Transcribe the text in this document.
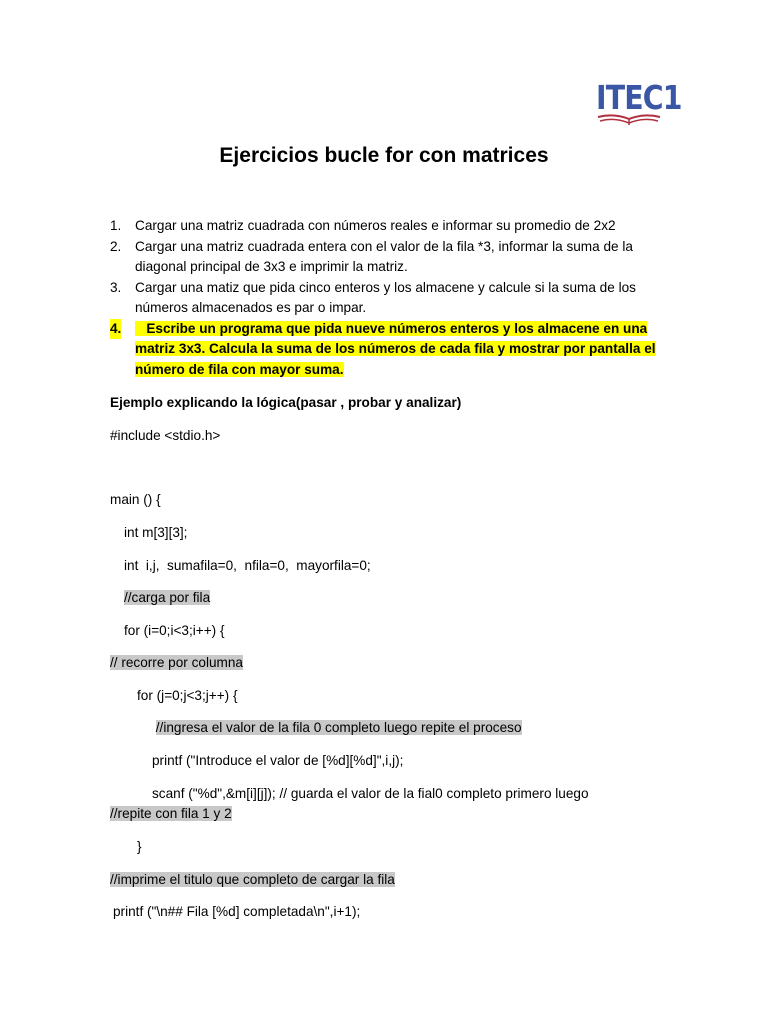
ITEC1
Ejercicios bucle for con matrices
1. Cargar una matriz cuadrada con números reales e informar su promedio de 2x2
2. Cargar una matriz cuadrada entera con el valor de la fila *3, informar la suma de la diagonal principal de 3x3 e imprimir la matriz.
3. Cargar una matiz que pida cinco enteros y los almacene y calcule si la suma de los números almacenados es par o impar.
4. Escribe un programa que pida nueve números enteros y los almacene en una matriz 3x3. Calcula la suma de los números de cada fila y mostrar por pantalla el número de fila con mayor suma.
Ejemplo explicando la lógica(pasar , probar y analizar)
#include <stdio.h>
main () {
int m[3][3];
int  i,j,  sumafila=0,  nfila=0,  mayorfila=0;
//carga por fila
for (i=0;i<3;i++) {
// recorre por columna
for (j=0;j<3;j++) {
//ingresa el valor de la fila 0 completo luego repite el proceso
printf ("Introduce el valor de [%d][%d]",i,j);
scanf ("%d",&m[i][j]); // guarda el valor de la fial0 completo primero luego
//repite con fila 1 y 2
}
//imprime el titulo que completo de cargar la fila
printf ("\n## Fila [%d] completada\n",i+1);
